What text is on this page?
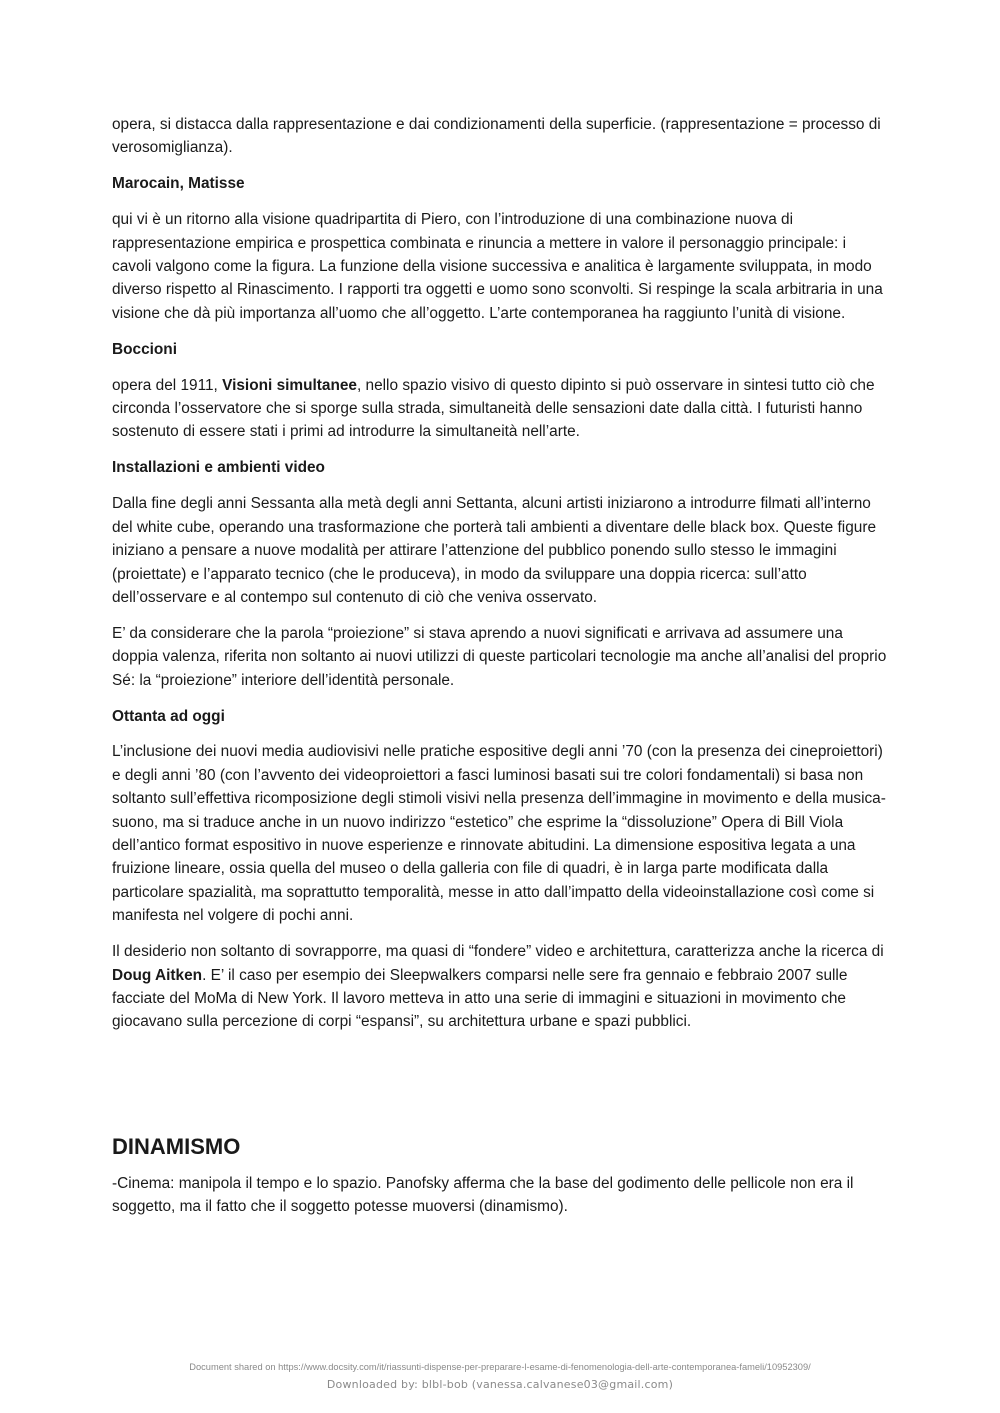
opera, si distacca dalla rappresentazione e dai condizionamenti della superficie. (rappresentazione = processo di verosomiglianza).

Marocain, Matisse

qui vi è un ritorno alla visione quadripartita di Piero, con l’introduzione di una combinazione nuova di rappresentazione empirica e prospettica combinata e rinuncia a mettere in valore il personaggio principale: i cavoli valgono come la figura. La funzione della visione successiva e analitica è largamente sviluppata, in modo diverso rispetto al Rinascimento. I rapporti tra oggetti e uomo sono sconvolti. Si respinge la scala arbitraria in una visione che dà più importanza all’uomo che all’oggetto. L’arte contemporanea ha raggiunto l’unità di visione.

Boccioni

opera del 1911, Visioni simultanee, nello spazio visivo di questo dipinto si può osservare in sintesi tutto ciò che circonda l’osservatore che si sporge sulla strada, simultaneità delle sensazioni date dalla città. I futuristi hanno sostenuto di essere stati i primi ad introdurre la simultaneità nell’arte.

Installazioni e ambienti video

Dalla fine degli anni Sessanta alla metà degli anni Settanta, alcuni artisti iniziarono a introdurre filmati all’interno del white cube, operando una trasformazione che porterà tali ambienti a diventare delle black box. Queste figure iniziano a pensare a nuove modalità per attirare l’attenzione del pubblico ponendo sullo stesso le immagini (proiettate) e l’apparato tecnico (che le produceva), in modo da sviluppare una doppia ricerca: sull’atto dell’osservare e al contempo sul contenuto di ciò che veniva osservato.

E’ da considerare che la parola “proiezione” si stava aprendo a nuovi significati e arrivava ad assumere una doppia valenza, riferita non soltanto ai nuovi utilizzi di queste particolari tecnologie ma anche all’analisi del proprio Sé: la “proiezione” interiore dell’identità personale.

Ottanta ad oggi

L’inclusione dei nuovi media audiovisivi nelle pratiche espositive degli anni ’70 (con la presenza dei cineproiettori) e degli anni ’80 (con l’avvento dei videoproiettori a fasci luminosi basati sui tre colori fondamentali) si basa non soltanto sull’effettiva ricomposizione degli stimoli visivi nella presenza dell’immagine in movimento e della musica-suono, ma si traduce anche in un nuovo indirizzo “estetico” che esprime la “dissoluzione” Opera di Bill Viola dell’antico format espositivo in nuove esperienze e rinnovate abitudini. La dimensione espositiva legata a una fruizione lineare, ossia quella del museo o della galleria con file di quadri, è in larga parte modificata dalla particolare spazialità, ma soprattutto temporalità, messe in atto dall’impatto della videoinstallazione così come si manifesta nel volgere di pochi anni.

Il desiderio non soltanto di sovrapporre, ma quasi di “fondere” video e architettura, caratterizza anche la ricerca di Doug Aitken. E’ il caso per esempio dei Sleepwalkers comparsi nelle sere fra gennaio e febbraio 2007 sulle facciate del MoMa di New York. Il lavoro metteva in atto una serie di immagini e situazioni in movimento che giocavano sulla percezione di corpi “espansi”, su architettura urbane e spazi pubblici.

DINAMISMO

-Cinema: manipola il tempo e lo spazio. Panofsky afferma che la base del godimento delle pellicole non era il soggetto, ma il fatto che il soggetto potesse muoversi (dinamismo).

Document shared on https://www.docsity.com/it/riassunti-dispense-per-preparare-l-esame-di-fenomenologia-dell-arte-contemporanea-fameli/10952309/
Downloaded by: blbl-bob (vanessa.calvanese03@gmail.com)
